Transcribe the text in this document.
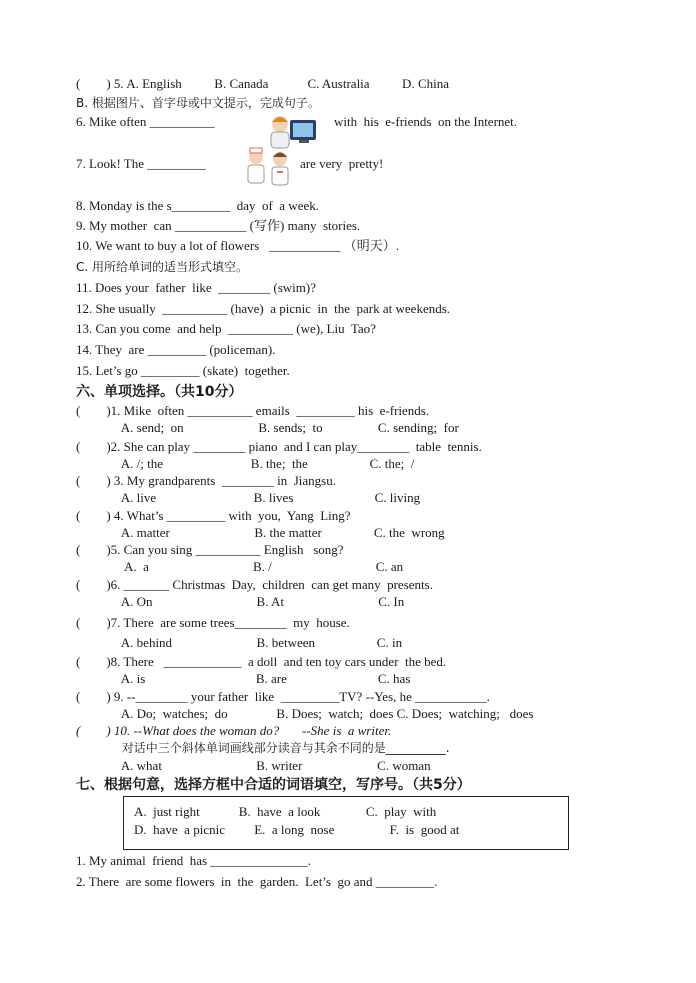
(        ) 5. A. English          B. Canada            C. Australia          D. China
B. 根据图片、首字母或中文提示，完成句子。
6. Mike often __________	with  his  e-friends  on the Internet.
7. Look! The _________	are very  pretty!
8. Monday is the s_________  day  of  a week.
9. My mother  can ___________ (写作) many  stories.
10. We want to buy a lot of flowers   ___________ （明天）.
C. 用所给单词的适当形式填空。
11. Does your  father  like  ________ (swim)?
12. She usually  __________ (have)  a picnic  in  the  park at weekends.
13. Can you come  and help  __________ (we), Liu  Tao?
14. They  are _________ (policeman).
15. Let’s go _________ (skate)  together.
六、单项选择。（共10分）
(        )1. Mike  often __________ emails  _________ his  e-friends.
A. send;  on                       B. sends;  to                 C. sending;  for
(        )2. She can play ________ piano  and I can play________  table  tennis.
A. /; the                           B. the;  the                   C. the;  /
(        ) 3. My grandparents  ________ in  Jiangsu.
A. live                              B. lives                         C. living
(        ) 4. What’s _________ with  you,  Yang  Ling?
A. matter                          B. the matter                C. the  wrong
(        )5. Can you sing __________ English   song?
A.  a                                B. /                                C. an
(        )6. _______ Christmas  Day,  children  can get many  presents.
A. On                                B. At                             C. In
(        )7. There  are some trees________  my  house.
A. behind                          B. between                   C. in
(        )8. There   ____________  a doll  and ten toy cars under  the bed.
A. is                                  B. are                            C. has
(        ) 9. --________ your father  like  _________TV? --Yes, he ___________.
A. Do;  watches;  do               B. Does;  watch;  does C. Does;  watching;   does
(        ) 10. --What does the woman do?       --She is  a writer.
对话中三个斜体单词画线部分读音与其余不同的是__________.
A. what                             B. writer                       C. woman
七、根据句意，选择方框中合适的词语填空，写序号。（共5分）
A.  just right            B.  have  a look              C.  play  with
D.  have  a picnic         E.  a long  nose                 F.  is  good at
1. My animal  friend  has _______________.
2. There  are some flowers  in  the  garden.  Let’s  go and _________.
